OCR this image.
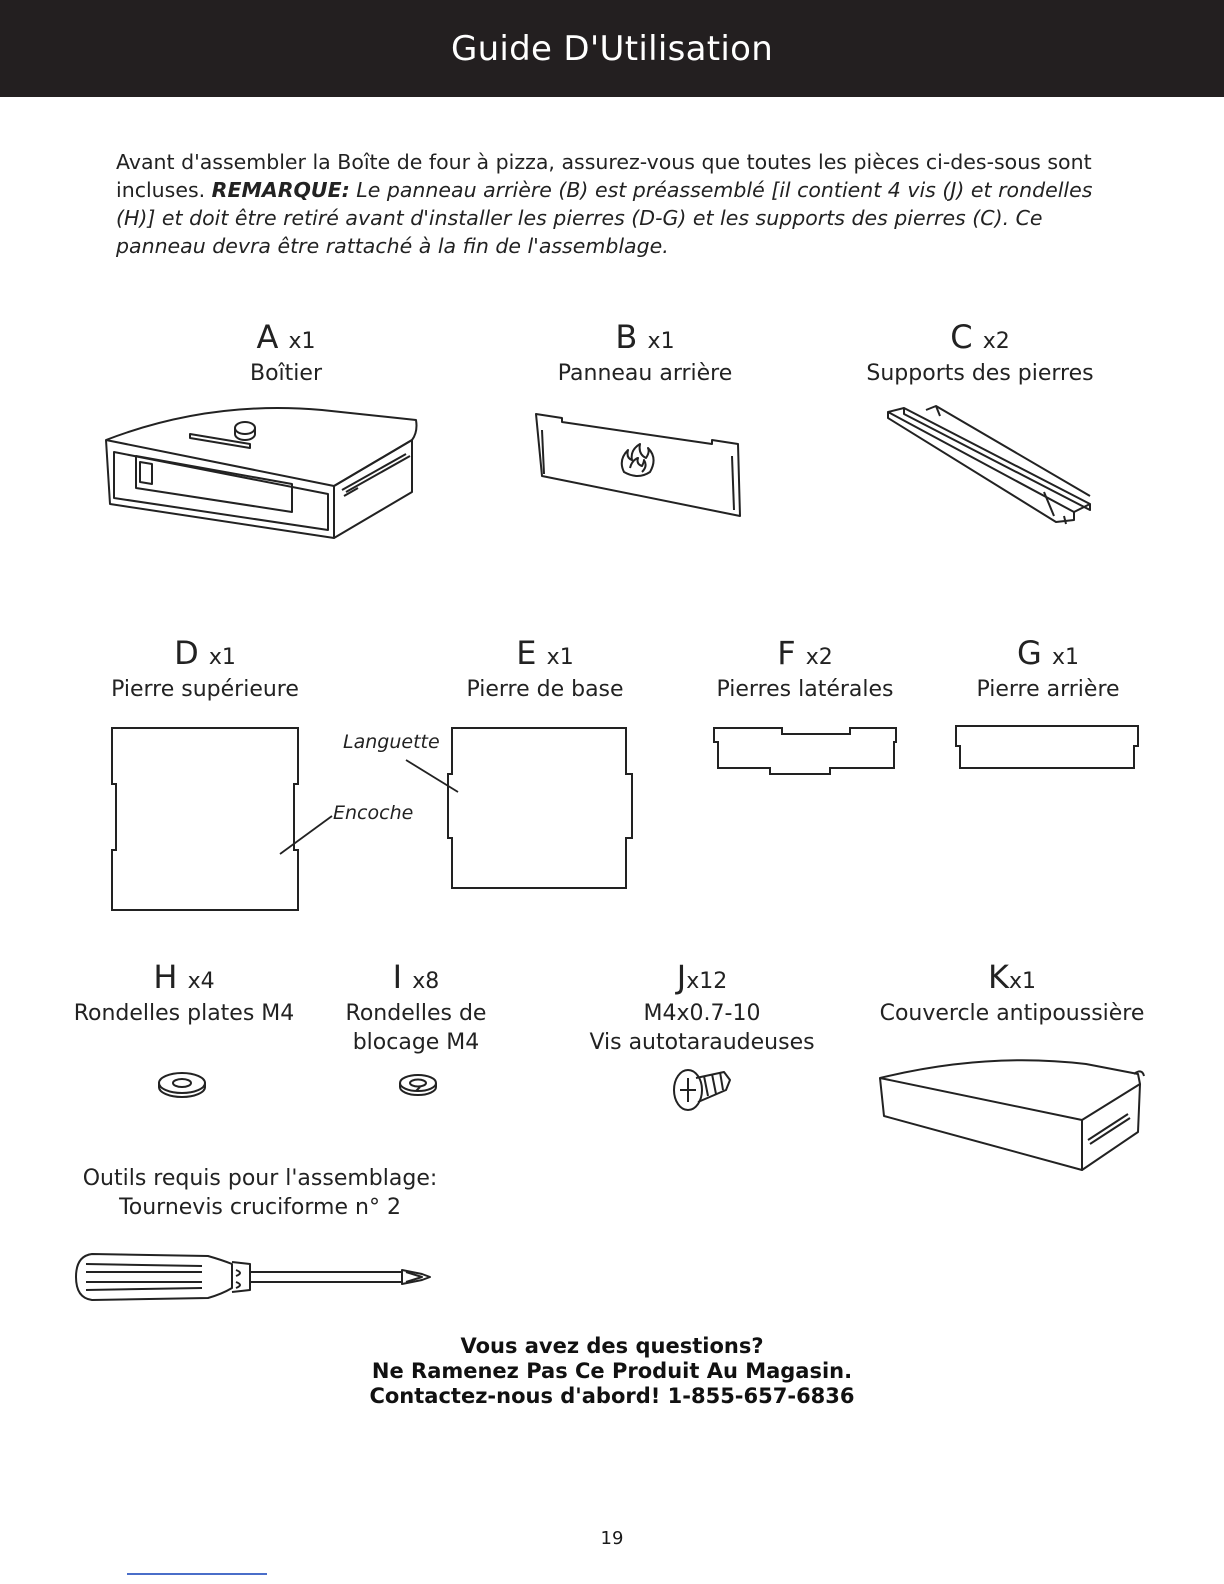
Guide D'Utilisation

Avant d'assembler la Boîte de four à pizza, assurez-vous que toutes les pièces ci-des-sous sont incluses. REMARQUE: Le panneau arrière (B) est préassemblé [il contient 4 vis (J) et rondelles (H)] et doit être retiré avant d'installer les pierres (D-G) et les supports des pierres (C). Ce panneau devra être rattaché à la fin de l'assemblage.

A x1
Boîtier
B x1
Panneau arrière
C x2
Supports des pierres
D x1
Pierre supérieure
Encoche
E x1
Pierre de base
Languette
F x2
Pierres latérales
G x1
Pierre arrière
H x4
Rondelles plates M4
I x8
Rondelles de
blocage M4
Jx12
M4x0.7-10
Vis autotaraudeuses
Kx1
Couvercle antipoussière
Outils requis pour l'assemblage:
Tournevis cruciforme n° 2
Vous avez des questions?
Ne Ramenez Pas Ce Produit Au Magasin.
Contactez-nous d'abord! 1-855-657-6836
19
